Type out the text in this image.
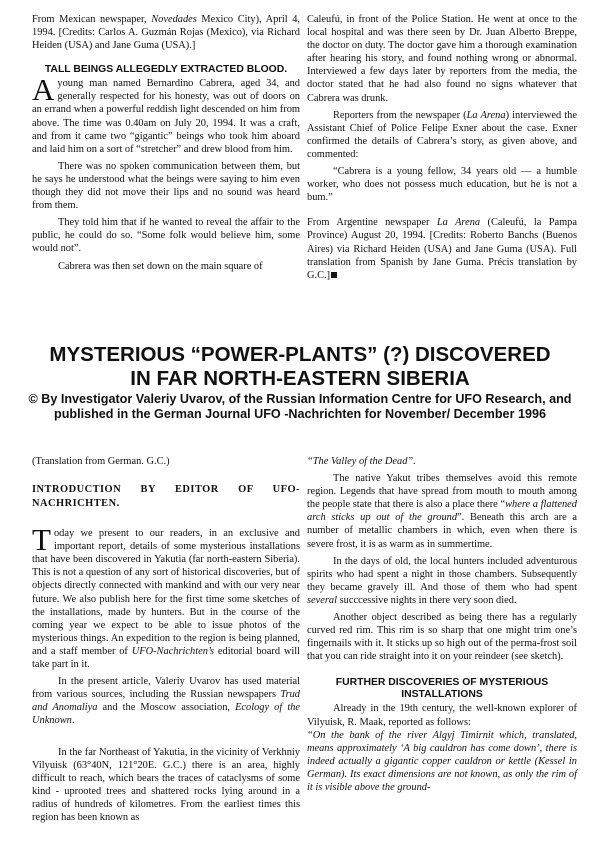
From Mexican newspaper, Novedades Mexico City), April 4, 1994. [Credits: Carlos A. Guzmán Rojas (Mexico), via Richard Heiden (USA) and Jane Guma (USA).]

TALL BEINGS ALLEGEDLY EXTRACTED BLOOD.

Ayoung man named Bernardino Cabrera, aged 34, and generally respected for his honesty, was out of doors on an errand when a powerful reddish light descended on him from above. The time was 0.40am on July 20, 1994. It was a craft, and from it came two “gigantic” beings who took him aboard and laid him on a sort of “stretcher” and drew blood from him.

There was no spoken communication between them, but he says he understood what the beings were saying to him even though they did not move their lips and no sound was heard from them.

They told him that if he wanted to reveal the affair to the public, he could do so. “Some folk would believe him, some would not”.

Cabrera was then set down on the main square of

Caleufú, in front of the Police Station. He went at once to the local hospital and was there seen by Dr. Juan Alberto Breppe, the doctor on duty. The doctor gave him a thorough examination after hearing his story, and found nothing wrong or abnormal. Interviewed a few days later by reporters from the media, the doctor stated that he had also found no signs whatever that Cabrera was drunk.

Reporters from the newspaper (La Arena) interviewed the Assistant Chief of Police Felipe Exner about the case. Exner confirmed the details of Cabrera’s story, as given above, and commented:

“Cabrera is a young fellow, 34 years old — a humble worker, who does not possess much education, but he is not a bum.”

From Argentine newspaper La Arena (Caleufú, la Pampa Province) August 20, 1994. [Credits: Roberto Banchs (Buenos Aires) via Richard Heiden (USA) and Jane Guma (USA). Full translation from Spanish by Jane Guma. Précis translation by G.C.]

MYSTERIOUS “POWER-PLANTS” (?) DISCOVERED
IN FAR NORTH-EASTERN SIBERIA
© By Investigator Valeriy Uvarov, of the Russian Information Centre for UFO Research, and published in the German Journal UFO -Nachrichten for November/ December 1996

(Translation from German. G.C.)

INTRODUCTION BY EDITOR OF UFO-NACHRICHTEN.

Today we present to our readers, in an exclusive and important report, details of some mysterious installations that have been discovered in Yakutia (far north-eastern Siberia). This is not a question of any sort of historical discoveries, but of objects directly connected with mankind and with our very near future. We also publish here for the first time some sketches of the installations, made by hunters. But in the course of the coming year we expect to be able to issue photos of the mysterious things. An expedition to the region is being planned, and a staff member of UFO-Nachrichten’s editorial board will take part in it.

In the present article, Valeriy Uvarov has used material from various sources, including the Russian newspapers Trud and Anomaliya and the Moscow association, Ecology of the Unknown.

In the far Northeast of Yakutia, in the vicinity of Verkhniy Vilyuisk (63°40N, 121°20E. G.C.) there is an area, highly difficult to reach, which bears the traces of cataclysms of some kind - uprooted trees and shattered rocks lying around in a radius of hundreds of kilometres. From the earliest times this region has been known as

“The Valley of the Dead”.

The native Yakut tribes themselves avoid this remote region. Legends that have spread from mouth to mouth among the people state that there is also a place there “where a flattened arch sticks up out of the ground”. Beneath this arch are a number of metallic chambers in which, even when there is severe frost, it is as warm as in summertime.

In the days of old, the local hunters included adventurous spirits who had spent a night in those chambers. Subsequently they became gravely ill. And those of them who had spent several succcessive nights in there very soon died.

Another object described as being there has a regularly curved red rim. This rim is so sharp that one might trim one’s fingernails with it. It sticks up so high out of the perma-frost soil that you can ride straight into it on your reindeer (see sketch).

FURTHER DISCOVERIES OF MYSTERIOUS INSTALLATIONS

Already in the 19th century, the well-known explorer of Vilyuisk, R. Maak, reported as follows:

“On the bank of the river Algyj Timirnit which, translated, means approximately ‘A big cauldron has come down’, there is indeed actually a gigantic copper cauldron or kettle (Kessel in German). Its exact dimensions are not known, as only the rim of it is visible above the ground-
